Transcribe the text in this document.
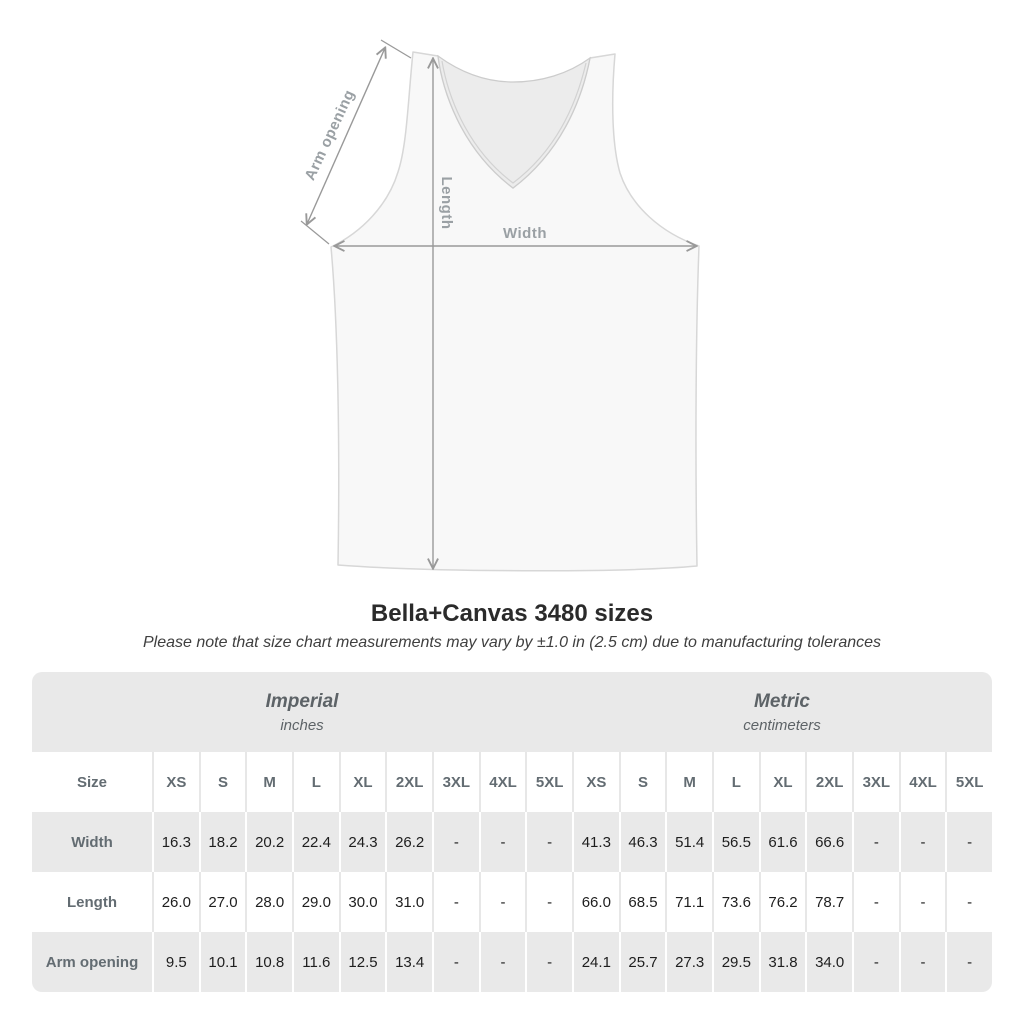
Length
Width
Arm opening
Bella+Canvas 3480 sizes
Please note that size chart measurements may vary by ±1.0 in (2.5 cm) due to manufacturing tolerances
Imperial
inches
Metric
centimeters
Size	XS	S	M	L	XL	2XL	3XL	4XL	5XL	XS	S	M	L	XL	2XL	3XL	4XL	5XL
Width	16.3	18.2	20.2	22.4	24.3	26.2	-	-	-	41.3	46.3	51.4	56.5	61.6	66.6	-	-	-
Length	26.0	27.0	28.0	29.0	30.0	31.0	-	-	-	66.0	68.5	71.1	73.6	76.2	78.7	-	-	-
Arm opening	9.5	10.1	10.8	11.6	12.5	13.4	-	-	-	24.1	25.7	27.3	29.5	31.8	34.0	-	-	-
